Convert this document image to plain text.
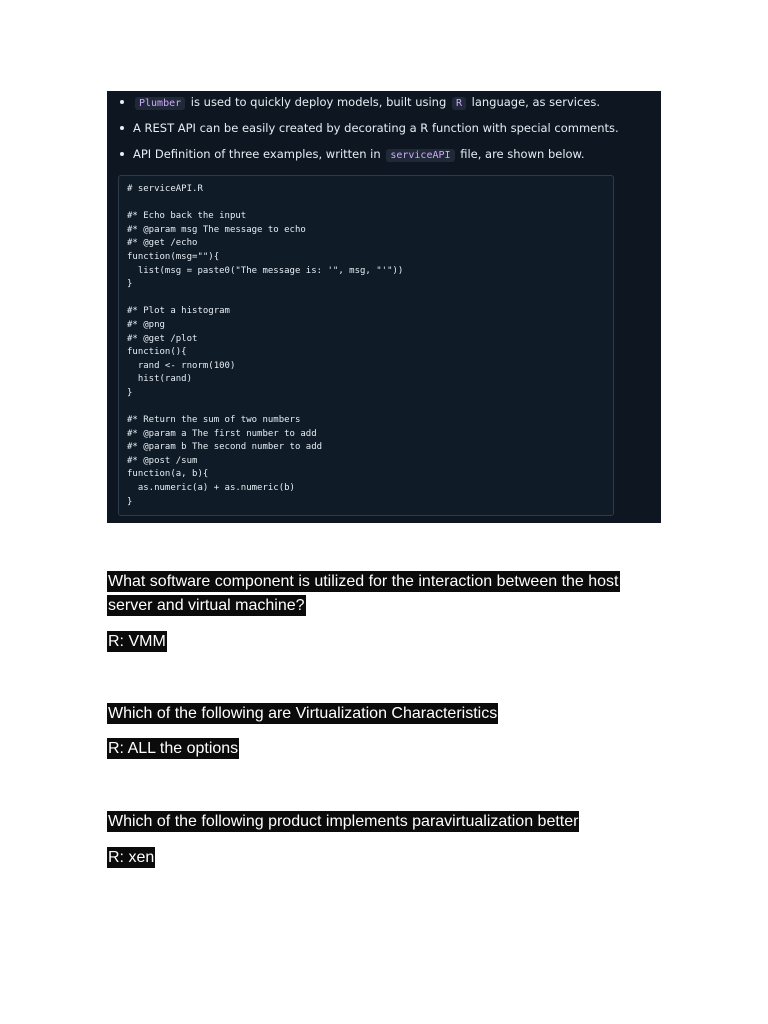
Plumber is used to quickly deploy models, built using R language, as services.
A REST API can be easily created by decorating a R function with special comments.
API Definition of three examples, written in serviceAPI file, are shown below.
# serviceAPI.R
#* Echo back the input
#* @param msg The message to echo
#* @get /echo
function(msg=""){
list(msg = paste0("The message is: '", msg, "'"))
}
#* Plot a histogram
#* @png
#* @get /plot
function(){
rand <- rnorm(100)
hist(rand)
}
#* Return the sum of two numbers
#* @param a The first number to add
#* @param b The second number to add
#* @post /sum
function(a, b){
as.numeric(a) + as.numeric(b)
}
What software component is utilized for the interaction between the host
server and virtual machine?
R: VMM
Which of the following are Virtualization Characteristics
R: ALL the options
Which of the following product implements paravirtualization better
R: xen
